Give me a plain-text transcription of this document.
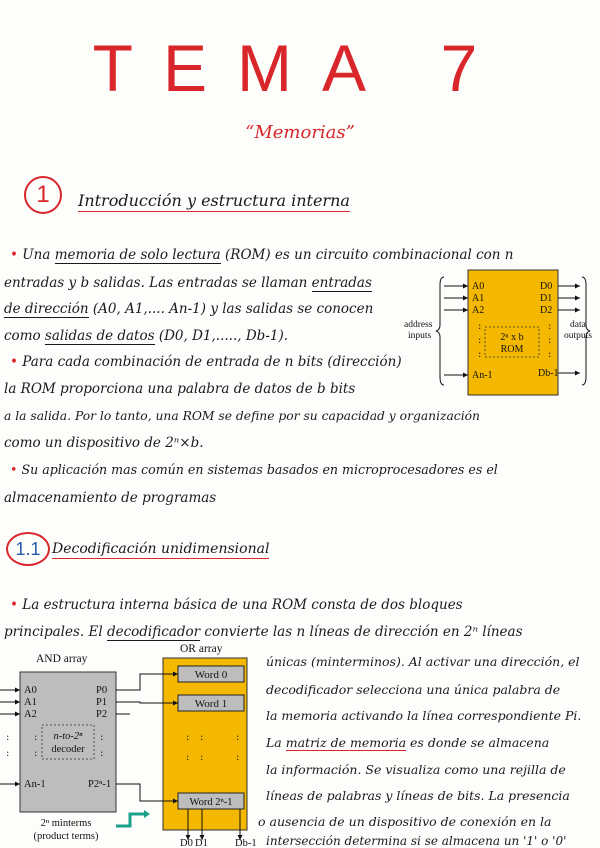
TEMA 7
“Memorias”
1	Introducción y estructura interna
• Una memoria de solo lectura (ROM) es un circuito combinacional con n
entradas y b salidas. Las entradas se llaman entradas
de dirección (A0, A1,.... An-1) y las salidas se conocen
como salidas de datos (D0, D1,....., Db-1).
• Para cada combinación de entrada de n bits (dirección)
la ROM proporciona una palabra de datos de b bits
a la salida. Por lo tanto, una ROM se define por su capacidad y organización
como un dispositivo de 2ⁿ×b.
• Su aplicación mas común en sistemas basados en microprocesadores es el
almacenamiento de programas
A0
A1
A2
An-1
D0
D1
D2
Db-1
2ⁿ x b
ROM
address
inputs
data
outputs
:
:
:
:
:
:
1.1 Decodificación unidimensional
• La estructura interna básica de una ROM consta de dos bloques
principales. El decodificador convierte las n líneas de dirección en 2ⁿ líneas
únicas (minterminos). Al activar una dirección, el
decodificador selecciona una única palabra de
la memoria activando la línea correspondiente Pi.
La matriz de memoria es donde se almacena
la información. Se visualiza como una rejilla de
líneas de palabras y líneas de bits. La presencia
o ausencia de un dispositivo de conexión en la
intersección determina si se almacena un '1' o '0'
AND array
OR array
A0
A1
A2
An-1
P0
P1
P2
P2ⁿ-1
n-to-2ⁿ
decoder
Word 0
Word 1
Word 2ⁿ-1
D0 D1	Db-1
2ⁿ minterms
(product terms)
:
:
:
:
:
:
:
:
:
:
:
:
